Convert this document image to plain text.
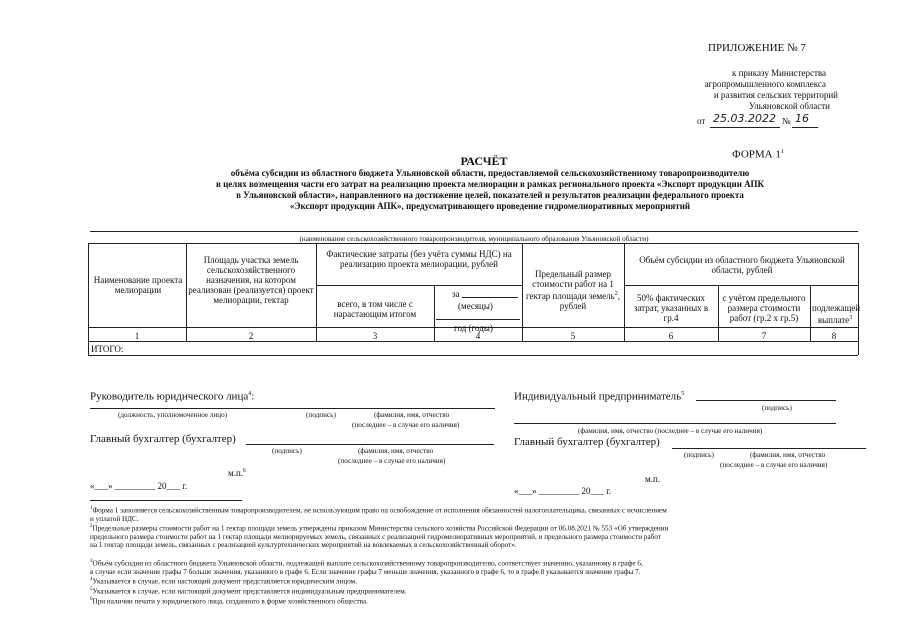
ПРИЛОЖЕНИЕ № 7
к приказу Министерства
агропромышленного комплекса
и развития сельских территорий
Ульяновской области
от 25.03.2022 № 16
ФОРМА $1^1$
РАСЧЁТ
объёма субсидии из областного бюджета Ульяновской области, предоставляемой сельскохозяйственному товаропроизводителю
в целях возмещения части его затрат на реализацию проекта мелиорации в рамках регионального проекта «Экспорт продукции АПК
в Ульяновской области», направленного на достижение целей, показателей и результатов реализации федерального проекта
«Экспорт продукции АПК», предусматривающего проведение гидромелиоративных мероприятий
(наименование сельскохозяйственного товаропроизводителя, муниципального образования Ульяновской области)
Наименование проекта мелиорации
Площадь участка земель сельскохозяйственного назначения, на котором реализован (реализуется) проект мелиорации, гектар
Фактические затраты (без учёта суммы НДС) на реализацию проекта мелиорации, рублей
всего, в том числе с нарастающим итогом
за
(месяцы)
год (годы)
Предельный размер стоимости работ на 1 гектар площади земель$^2$, рублей
Объём субсидии из областного бюджета Ульяновской области, рублей
50% фактических затрат, указанных в гр.4
с учётом предельного размера стоимости работ (гр.2 x гр.5)
подлежащей выплате$^3$
1	2	3	4	5	6	7	8
ИТОГО:
Руководитель юридического лица$^4$:
(должность, уполномоченное лицо)	(подпись)	(фамилия, имя, отчество
(последнее – в случае его наличия)
Главный бухгалтер (бухгалтер)
(подпись)	(фамилия, имя, отчество
(последнее – в случае его наличия)
м.п.$^6$
«___» _________ 20___ г.
Индивидуальный предприниматель$^5$
(подпись)
(фамилия, имя, отчество (последнее – в случае его наличия)
Главный бухгалтер (бухгалтер)
(подпись)	(фамилия, имя, отчество
(последнее – в случае его наличия)
м.п.
«___» _________ 20___ г.
$^1$Форма 1 заполняется сельскохозяйственным товаропроизводителем, не использующим право на освобождение от исполнения обязанностей налогоплательщика, связанных с исчислением
и уплатой НДС.
$^2$Предельные размеры стоимости работ на 1 гектар площади земель утверждены приказом Министерства сельского хозяйства Российской Федерации от 06.08.2021 № 553 «Об утверждении
предельного размера стоимости работ на 1 гектар площади мелиорируемых земель, связанных с реализацией гидромелиоративных мероприятий, и предельного размера стоимости работ
на 1 гектар площади земель, связанных с реализацией культуртехнических мероприятий на вовлекаемых в сельскохозяйственный оборот».
$^3$Объём субсидии из областного бюджета Ульяновской области, подлежащей выплате сельскохозяйственному товаропроизводителю, соответствует значению, указанному в графе 6,
в случае если значение графы 7 больше значения, указанного в графе 6. Если значение графы 7 меньше значения, указанного в графе 6, то в графе 8 указывается значение графы 7.
$^4$Указывается в случае, если настоящий документ представляется юридическим лицом.
$^5$Указывается в случае, если настоящий документ представляется индивидуальным предпринимателем.
$^6$При наличии печати у юридического лица, созданного в форме хозяйственного общества.
